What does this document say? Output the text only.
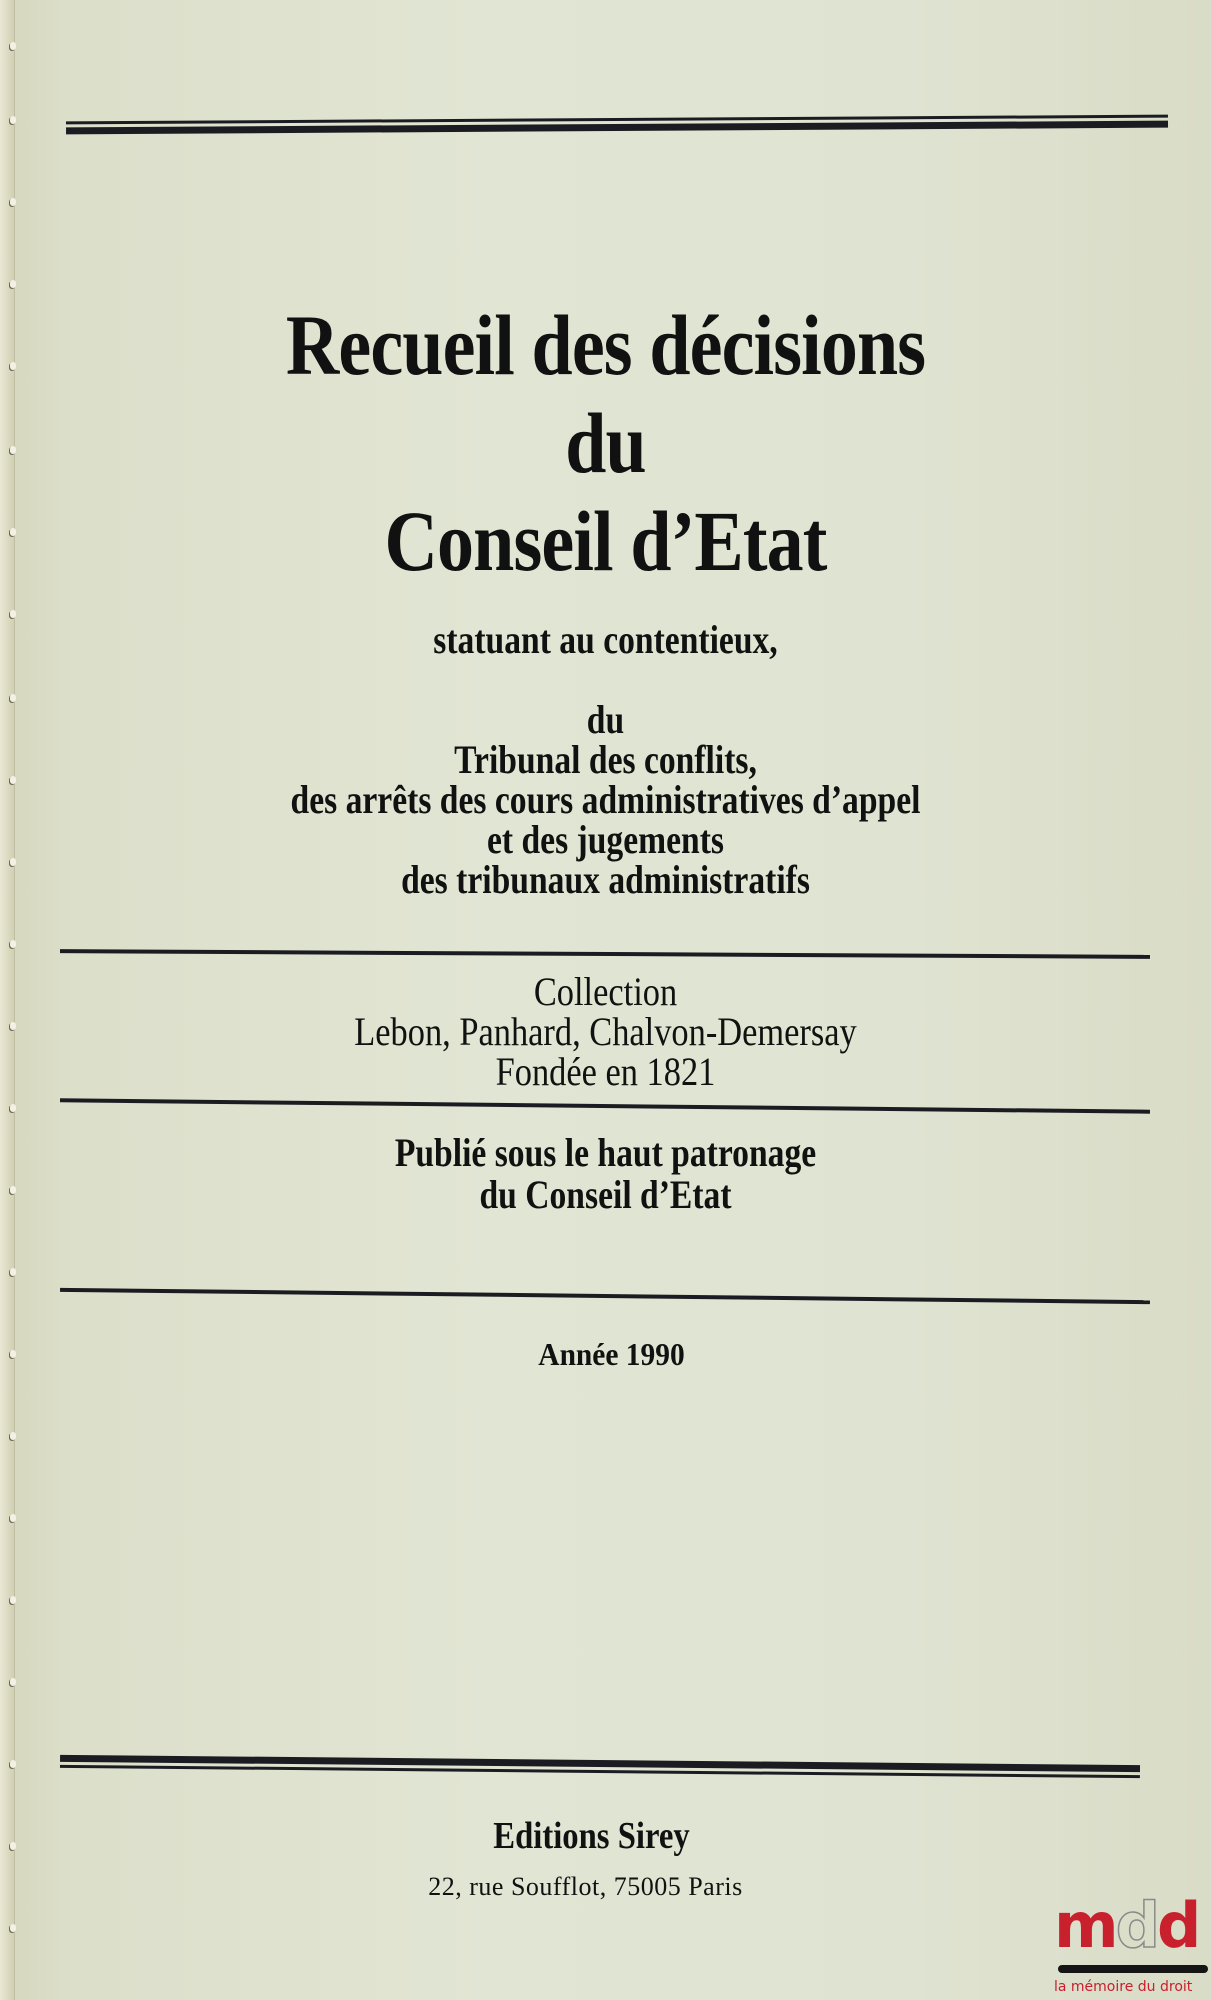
Recueil des décisions
du
Conseil d’Etat
statuant au contentieux,
du
Tribunal des conflits,
des arrêts des cours administratives d’appel
et des jugements
des tribunaux administratifs
Collection
Lebon, Panhard, Chalvon-Demersay
Fondée en 1821
Publié sous le haut patronage
du Conseil d’Etat
Année 1990
Editions Sirey
22, rue Soufflot, 75005 Paris
mdd
la mémoire du droit
